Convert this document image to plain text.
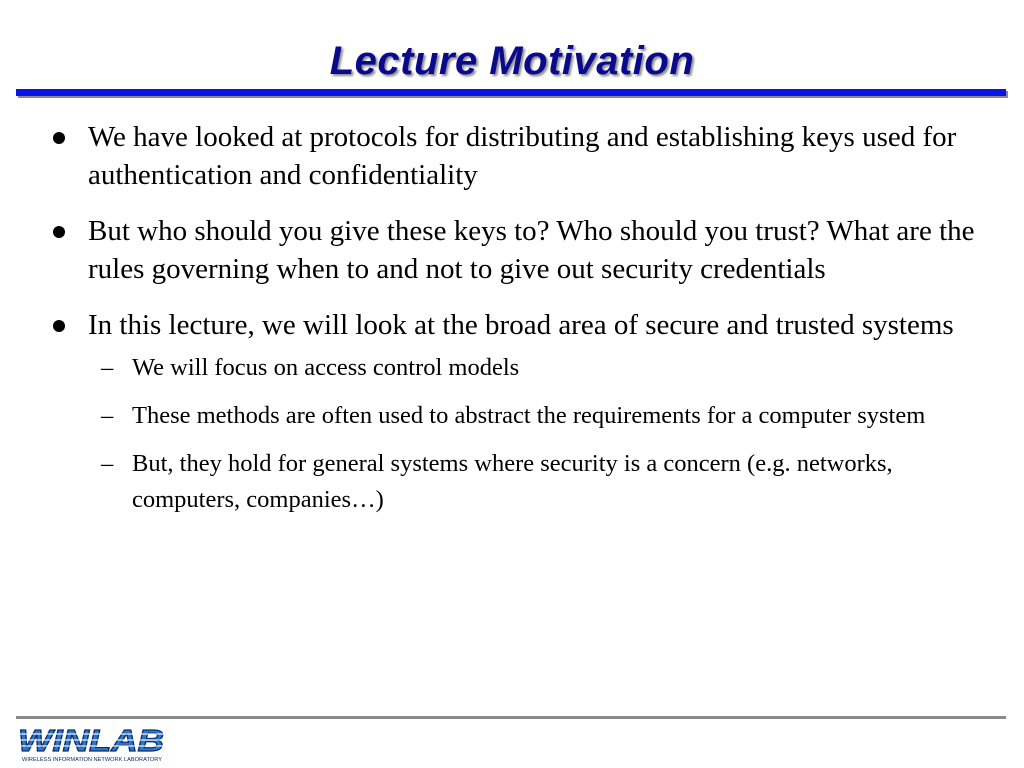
Lecture Motivation
We have looked at protocols for distributing and establishing keys used for authentication and confidentiality
But who should you give these keys to? Who should you trust? What are the rules governing when to and not to give out security credentials
In this lecture, we will look at the broad area of secure and trusted systems
– We will focus on access control models
– These methods are often used to abstract the requirements for a computer system
– But, they hold for general systems where security is a concern (e.g. networks, computers, companies…)
WINLAB
WIRELESS INFORMATION NETWORK LABORATORY
